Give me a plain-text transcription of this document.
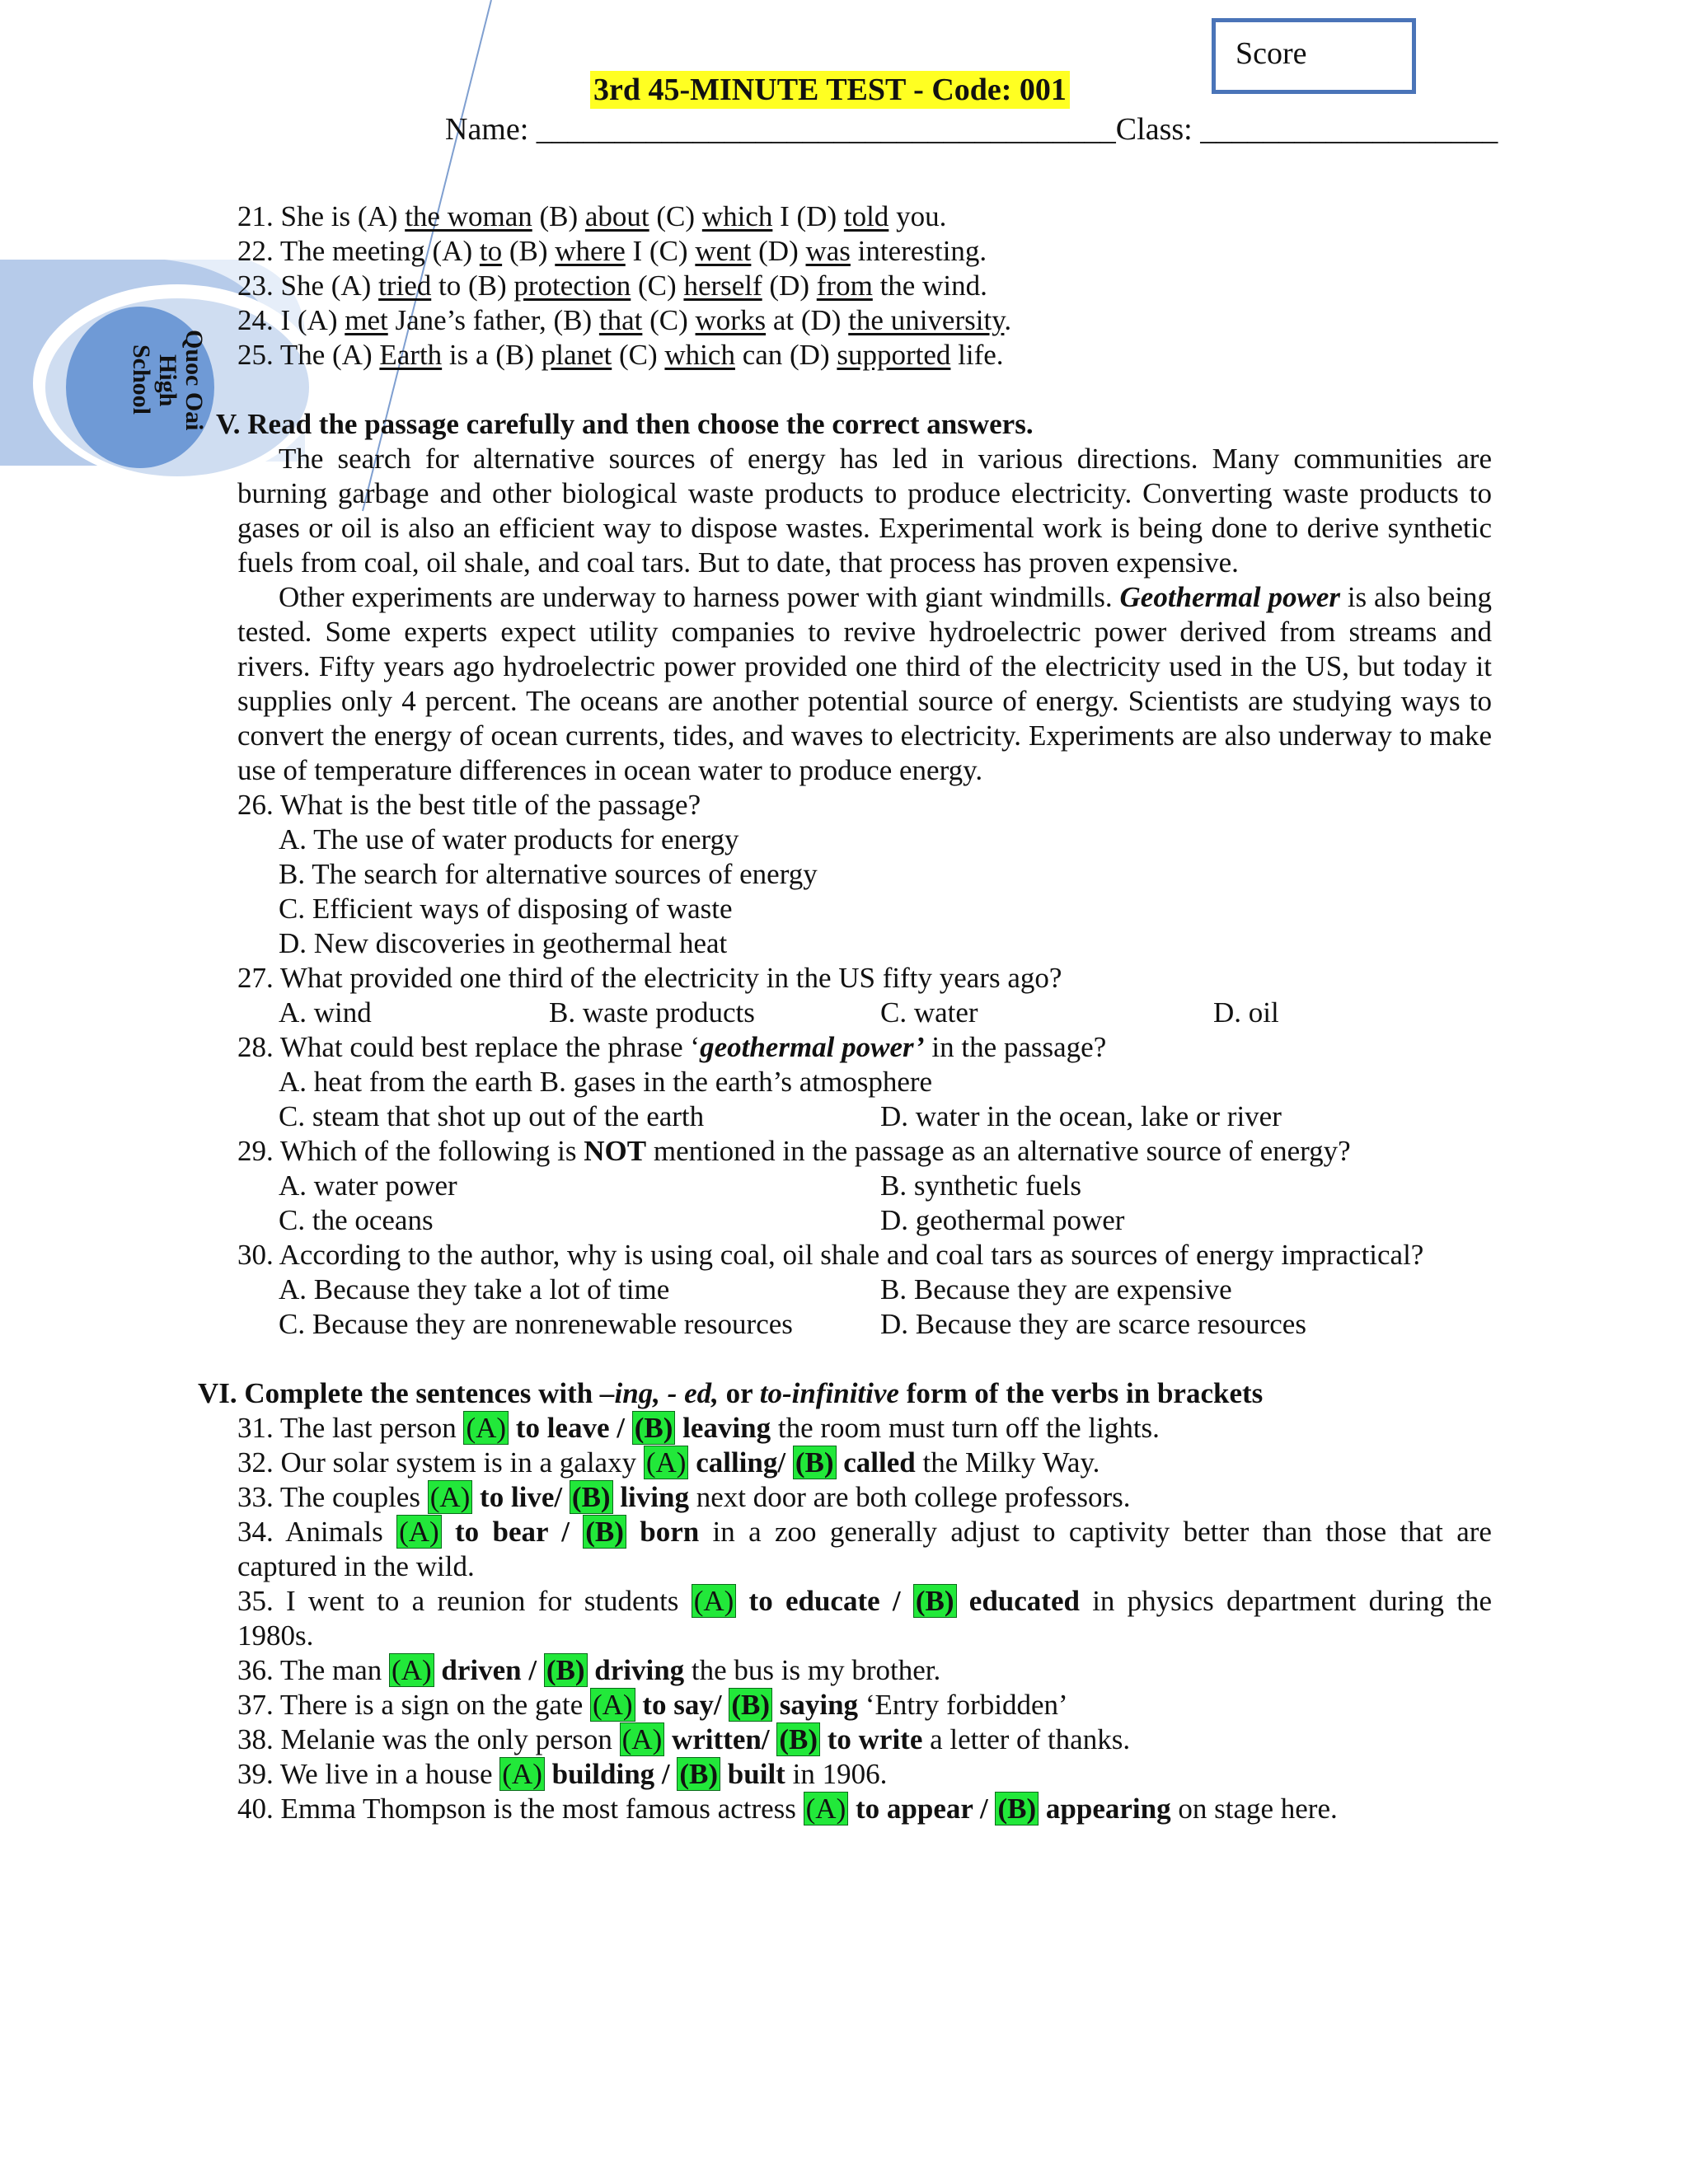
Quoc Oai
High
School
Score
3rd 45-MINUTE TEST - Code: 001
Name: _____________________________________Class: ___________________
21. She is (A) the woman (B) about (C) which I (D) told you.
22. The meeting (A) to (B) where I (C) went (D) was interesting.
23. She (A) tried to (B) protection (C) herself (D) from the wind.
24. I (A) met Jane’s father, (B) that (C) works at (D) the university.
25. The (A) Earth is a (B) planet (C) which can (D) supported life.
V. Read the passage carefully and then choose the correct answers.
The search for alternative sources of energy has led in various directions. Many communities are burning garbage and other biological waste products to produce electricity. Converting waste products to gases or oil is also an efficient way to dispose wastes. Experimental work is being done to derive synthetic fuels from coal, oil shale, and coal tars. But to date, that process has proven expensive.
Other experiments are underway to harness power with giant windmills. Geothermal power is also being tested. Some experts expect utility companies to revive hydroelectric power derived from streams and rivers. Fifty years ago hydroelectric power provided one third of the electricity used in the US, but today it supplies only 4 percent. The oceans are another potential source of energy. Scientists are studying ways to convert the energy of ocean currents, tides, and waves to electricity. Experiments are also underway to make use of temperature differences in ocean water to produce energy.
26. What is the best title of the passage?
A. The use of water products for energy
B. The search for alternative sources of energy
C. Efficient ways of disposing of waste
D. New discoveries in geothermal heat
27. What provided one third of the electricity in the US fifty years ago?
A. wind	B. waste products	C. water	D. oil
28. What could best replace the phrase ‘geothermal power’ in the passage?
A. heat from the earth B. gases in the earth’s atmosphere
C. steam that shot up out of the earth	D. water in the ocean, lake or river
29. Which of the following is NOT mentioned in the passage as an alternative source of energy?
A. water power	B. synthetic fuels
C. the oceans	D. geothermal power
30. According to the author, why is using coal, oil shale and coal tars as sources of energy impractical?
A. Because they take a lot of time	B. Because they are expensive
C. Because they are nonrenewable resources	D. Because they are scarce resources
VI. Complete the sentences with –ing, - ed, or to-infinitive form of the verbs in brackets
31. The last person (A) to leave / (B) leaving the room must turn off the lights.
32. Our solar system is in a galaxy (A) calling/ (B) called the Milky Way.
33. The couples (A) to live/ (B) living next door are both college professors.
34. Animals (A) to bear / (B) born in a zoo generally adjust to captivity better than those that are
captured in the wild.
35. I went to a reunion for students (A) to educate / (B) educated in physics department during the
1980s.
36. The man (A) driven / (B) driving the bus is my brother.
37. There is a sign on the gate (A) to say/ (B) saying ‘Entry forbidden’
38. Melanie was the only person (A) written/ (B) to write a letter of thanks.
39. We live in a house (A) building / (B) built in 1906.
40. Emma Thompson is the most famous actress (A) to appear / (B) appearing on stage here.
